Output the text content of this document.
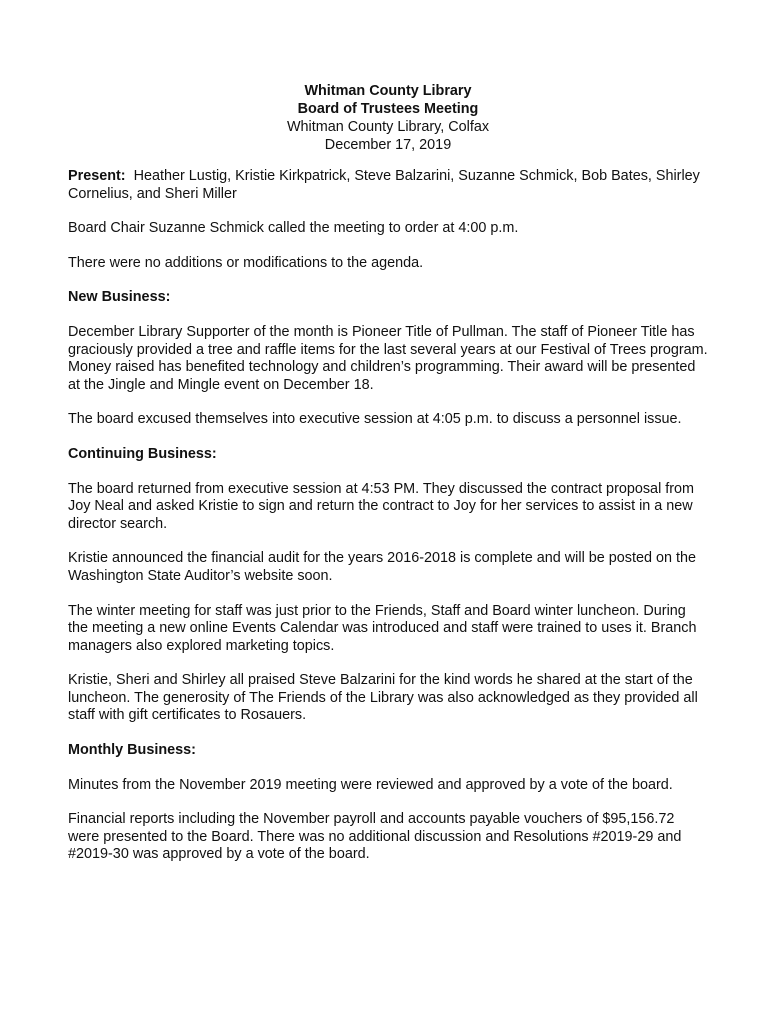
Whitman County Library
Board of Trustees Meeting
Whitman County Library, Colfax
December 17, 2019

Present:  Heather Lustig, Kristie Kirkpatrick, Steve Balzarini, Suzanne Schmick, Bob Bates, Shirley Cornelius, and Sheri Miller

Board Chair Suzanne Schmick called the meeting to order at 4:00 p.m.

There were no additions or modifications to the agenda.

New Business:

December Library Supporter of the month is Pioneer Title of Pullman. The staff of Pioneer Title has graciously provided a tree and raffle items for the last several years at our Festival of Trees program. Money raised has benefited technology and children’s programming. Their award will be presented at the Jingle and Mingle event on December 18.

The board excused themselves into executive session at 4:05 p.m. to discuss a personnel issue.

Continuing Business:

The board returned from executive session at 4:53 PM. They discussed the contract proposal from Joy Neal and asked Kristie to sign and return the contract to Joy for her services to assist in a new director search.

Kristie announced the financial audit for the years 2016-2018 is complete and will be posted on the Washington State Auditor’s website soon.

The winter meeting for staff was just prior to the Friends, Staff and Board winter luncheon. During the meeting a new online Events Calendar was introduced and staff were trained to uses it. Branch managers also explored marketing topics.

Kristie, Sheri and Shirley all praised Steve Balzarini for the kind words he shared at the start of the luncheon. The generosity of The Friends of the Library was also acknowledged as they provided all staff with gift certificates to Rosauers.

Monthly Business:

Minutes from the November 2019 meeting were reviewed and approved by a vote of the board.

Financial reports including the November payroll and accounts payable vouchers of $95,156.72 were presented to the Board. There was no additional discussion and Resolutions #2019-29 and #2019-30 was approved by a vote of the board.
